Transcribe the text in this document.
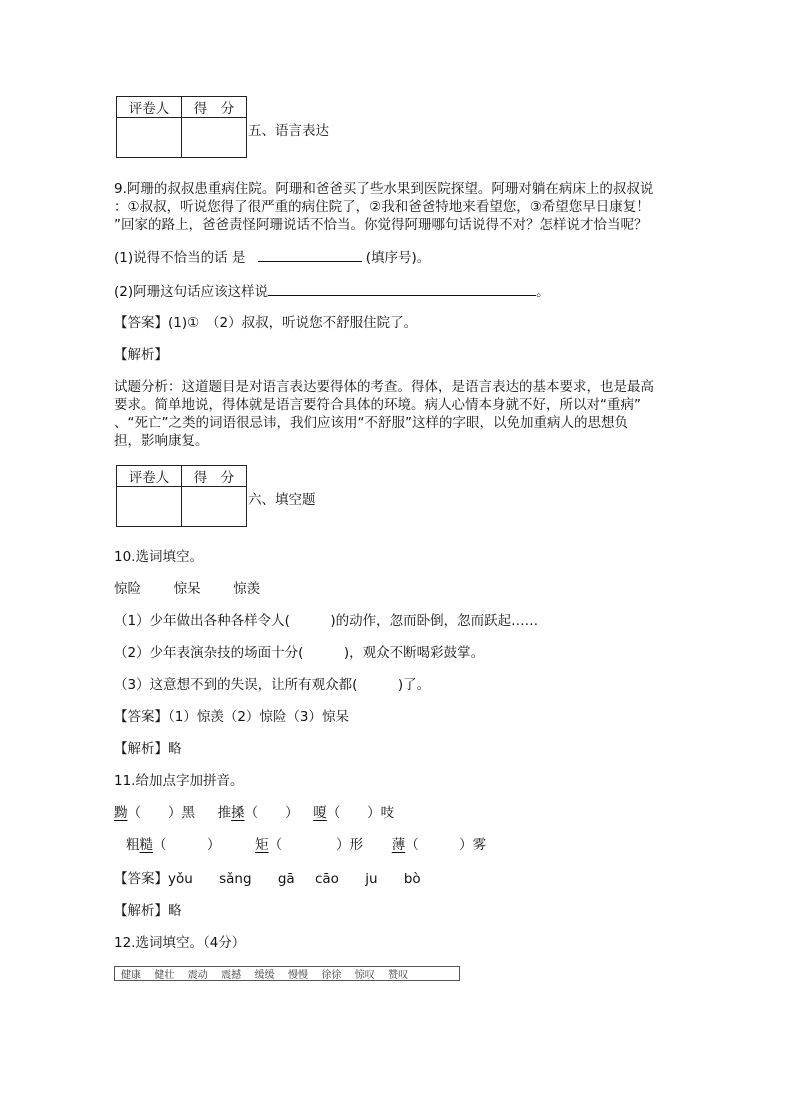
评卷人	得　分

五、语言表达
9.阿珊的叔叔患重病住院。阿珊和爸爸买了些水果到医院探望。阿珊对躺在病床上的叔叔说
：①叔叔，听说您得了很严重的病住院了，②我和爸爸特地来看望您，③希望您早日康复！
”回家的路上，爸爸责怪阿珊说话不恰当。你觉得阿珊哪句话说得不对？怎样说才恰当呢？
(1)说得不恰当的话 是	(填序号)。
(2)阿珊这句话应该这样说	。
【答案】(1)①　（2）叔叔，听说您不舒服住院了。
【解析】
试题分析：这道题目是对语言表达要得体的考查。得体，是语言表达的基本要求，也是最高
要求。简单地说，得体就是语言要符合具体的环境。病人心情本身就不好，所以对“重病”
、“死亡”之类的词语很忌讳，我们应该用“不舒服”这样的字眼，以免加重病人的思想负
担，影响康复。
评卷人	得　分

六、填空题
10.选词填空。
惊险 惊呆 惊羡
（1）少年做出各种各样令人(　　　)的动作，忽而卧倒，忽而跃起……
（2）少年表演杂技的场面十分(　　　)，观众不断喝彩鼓掌。
（3）这意想不到的失误，让所有观众都(　　　)了。
【答案】（1）惊羡（2）惊险（3）惊呆
【解析】略
11.给加点字加拼音。
黝（　　）黑 推搡（　　） 嗄（　　）吱
粗糙（　　　）	矩（　　　　）形 薄（　　　）雾
【答案】yǒu sǎng gā cāo ju bò
【解析】略
12.选词填空。（4分）
健康 健壮 震动 震撼 缓缓 慢慢 徐徐 惊叹 赞叹
